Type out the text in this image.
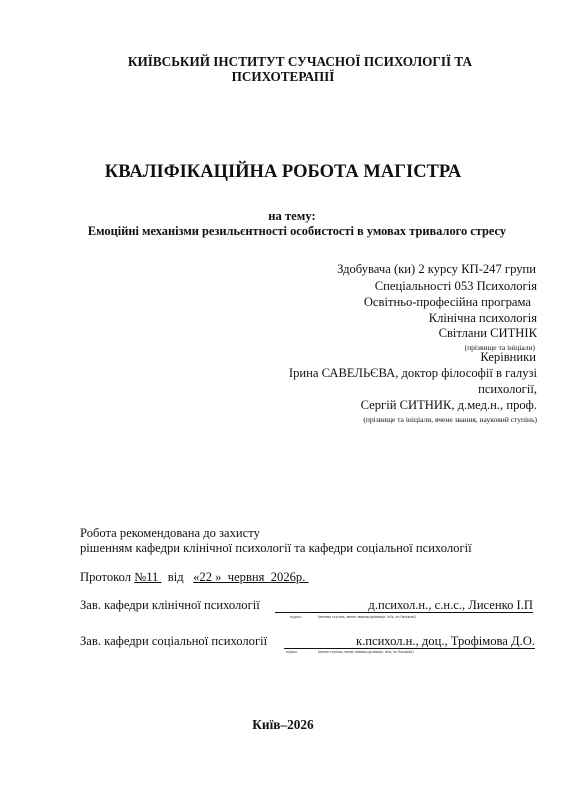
КИЇВСЬКИЙ ІНСТИТУТ СУЧАСНОЇ ПСИХОЛОГІЇ ТА
ПСИХОТЕРАПІЇ
КВАЛІФІКАЦІЙНА РОБОТА МАГІСТРА
на тему:
Емоційні механізми резильєнтності особистості в умовах тривалого стресу
Здобувача (ки) 2 курсу КП-247 групи
Спеціальності 053 Психологія
Освітньо-професійна програма
Клінічна психологія
Світлани СИТНІК
(прізвище та ініціали)
Керівники
Ірина САВЕЛЬЄВА, доктор філософії в галузі
психології,
Сергій СИТНИК, д.мед.н., проф.
(прізвище та ініціали, вчене звання, науковий ступінь)
Робота рекомендована до захисту
рішенням кафедри клінічної психології та кафедри соціальної психології
Протокол №11   від «22 »  червня  2026р.
Зав. кафедри клінічної психології	д.психол.н., с.н.с., Лисенко І.П
підпис	(вчення ступінь, вчене звання,прізвище, ім'я, по батькові)
Зав. кафедри соціальної психології	к.психол.н., доц., Трофімова Д.О.
підпис	(вчена ступінь, вчене звання,прізвище, ім'я, по батькові)
Київ–2026
